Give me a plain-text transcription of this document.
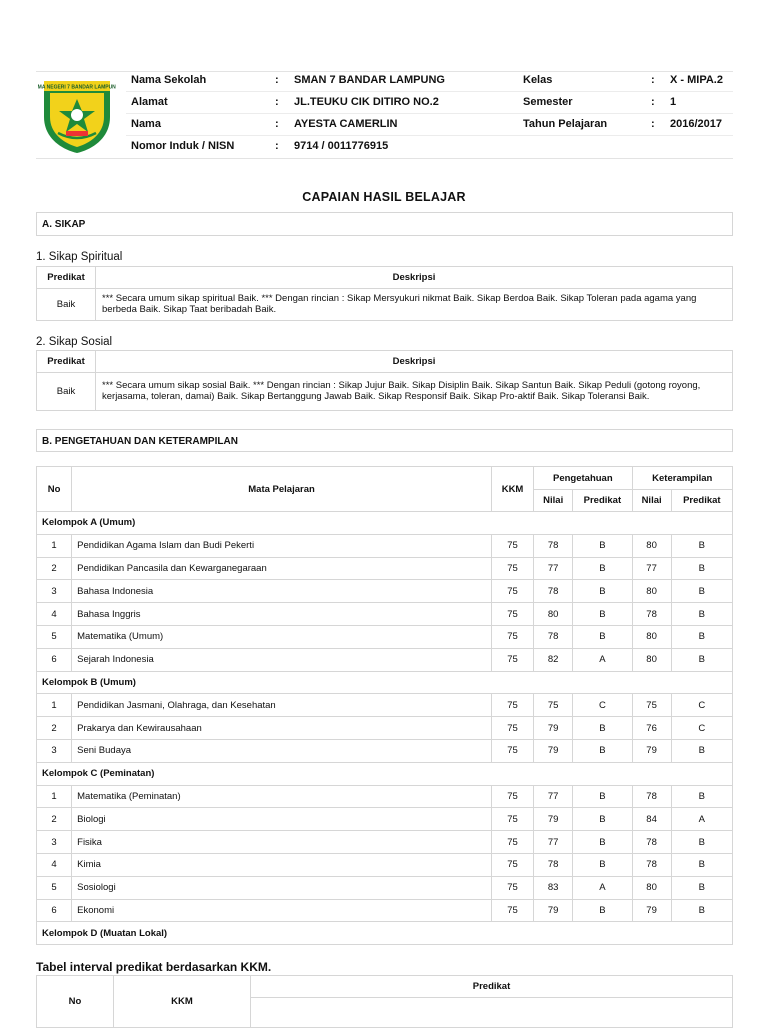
SMA NEGERI 7 BANDAR LAMPUNG
Nama Sekolah	: SMAN 7 BANDAR LAMPUNG	Kelas	: X - MIPA.2
Alamat	: JL.TEUKU CIK DITIRO NO.2	Semester	: 1
Nama	: AYESTA CAMERLIN	Tahun Pelajaran	: 2016/2017
Nomor Induk / NISN	: 9714 / 0011776915
CAPAIAN HASIL BELAJAR
A. SIKAP
1. Sikap Spiritual
Predikat	Deskripsi
Baik	*** Secara umum sikap spiritual Baik. *** Dengan rincian : Sikap Mersyukuri nikmat Baik. Sikap Berdoa Baik. Sikap Toleran pada agama yang berbeda Baik. Sikap Taat beribadah Baik.
2. Sikap Sosial
Predikat	Deskripsi
Baik	*** Secara umum sikap sosial Baik. *** Dengan rincian : Sikap Jujur Baik. Sikap Disiplin Baik. Sikap Santun Baik. Sikap Peduli (gotong royong, kerjasama, toleran, damai) Baik. Sikap Bertanggung Jawab Baik. Sikap Responsif Baik. Sikap Pro-aktif Baik. Sikap Toleransi Baik.
B. PENGETAHUAN DAN KETERAMPILAN
No	Mata Pelajaran	KKM	Pengetahuan		Keterampilan	
			Nilai	Predikat	Nilai	Predikat
Kelompok A (Umum)						
1	Pendidikan Agama Islam dan Budi Pekerti	75	78	B	80	B
2	Pendidikan Pancasila dan Kewarganegaraan	75	77	B	77	B
3	Bahasa Indonesia	75	78	B	80	B
4	Bahasa Inggris	75	80	B	78	B
5	Matematika (Umum)	75	78	B	80	B
6	Sejarah Indonesia	75	82	A	80	B
Kelompok B (Umum)						
1	Pendidikan Jasmani, Olahraga, dan Kesehatan	75	75	C	75	C
2	Prakarya dan Kewirausahaan	75	79	B	76	C
3	Seni Budaya	75	79	B	79	B
Kelompok C (Peminatan)						
1	Matematika (Peminatan)	75	77	B	78	B
2	Biologi	75	79	B	84	A
3	Fisika	75	77	B	78	B
4	Kimia	75	78	B	78	B
5	Sosiologi	75	83	A	80	B
6	Ekonomi	75	79	B	79	B
Kelompok D (Muatan Lokal)						
Tabel interval predikat berdasarkan KKM.
No	KKM	Predikat
